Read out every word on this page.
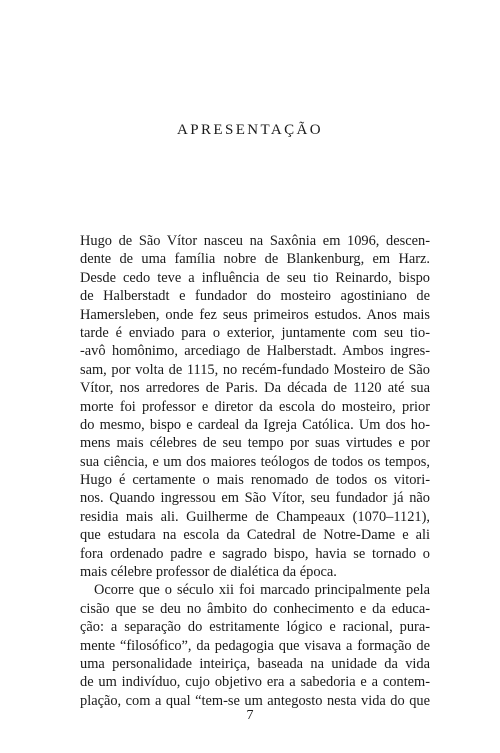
APRESENTAÇÃO
Hugo de São Vítor nasceu na Saxônia em 1096, descen-
dente de uma família nobre de Blankenburg, em Harz.
Desde cedo teve a influência de seu tio Reinardo, bispo
de Halberstadt e fundador do mosteiro agostiniano de
Hamersleben, onde fez seus primeiros estudos. Anos mais
tarde é enviado para o exterior, juntamente com seu tio-
-avô homônimo, arcediago de Halberstadt. Ambos ingres-
sam, por volta de 1115, no recém-fundado Mosteiro de São
Vítor, nos arredores de Paris. Da década de 1120 até sua
morte foi professor e diretor da escola do mosteiro, prior
do mesmo, bispo e cardeal da Igreja Católica. Um dos ho-
mens mais célebres de seu tempo por suas virtudes e por
sua ciência, e um dos maiores teólogos de todos os tempos,
Hugo é certamente o mais renomado de todos os vitori-
nos. Quando ingressou em São Vítor, seu fundador já não
residia mais ali. Guilherme de Champeaux (1070–1121),
que estudara na escola da Catedral de Notre-Dame e ali
fora ordenado padre e sagrado bispo, havia se tornado o
mais célebre professor de dialética da época.
Ocorre que o século xii foi marcado principalmente pela
cisão que se deu no âmbito do conhecimento e da educa-
ção: a separação do estritamente lógico e racional, pura-
mente “filosófico”, da pedagogia que visava a formação de
uma personalidade inteiriça, baseada na unidade da vida
de um indivíduo, cujo objetivo era a sabedoria e a contem-
plação, com a qual “tem-se um antegosto nesta vida do que
7
